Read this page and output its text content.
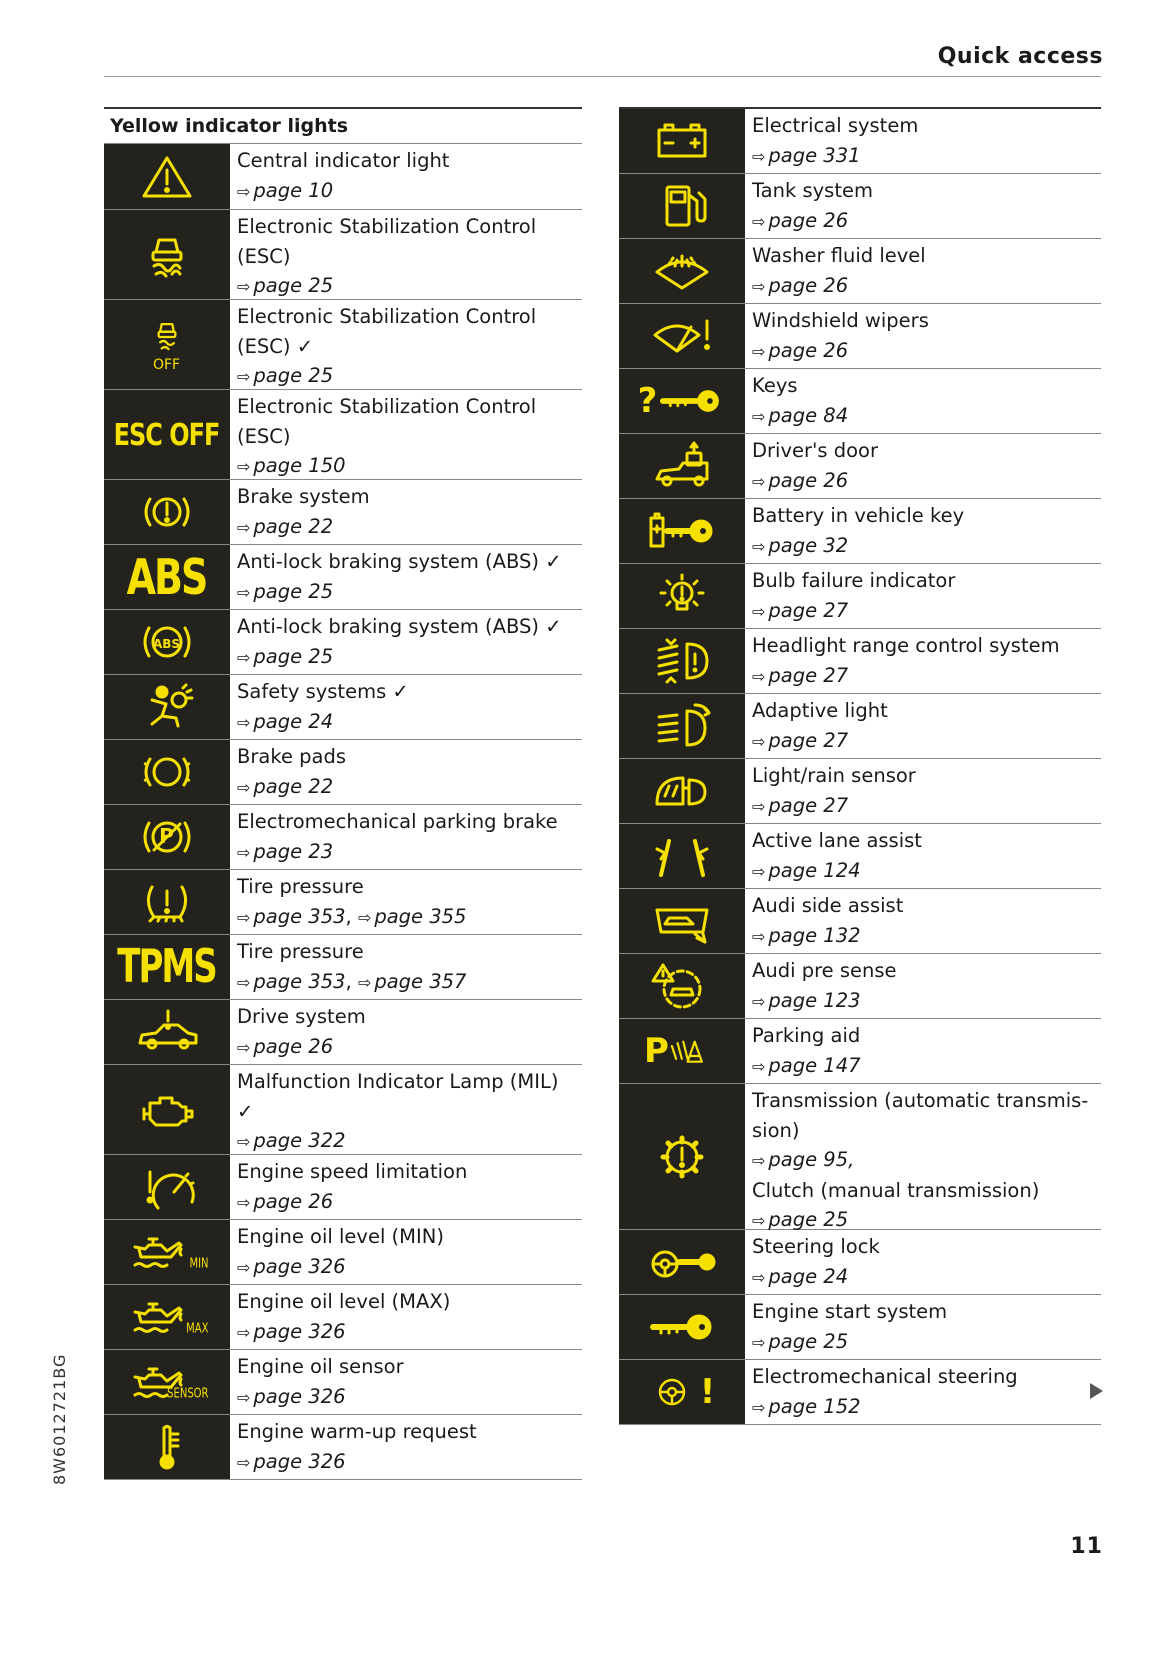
Quick access
Yellow indicator lights
Central indicator light
⇨ page 10
Electronic Stabilization Control
(ESC)
⇨ page 25
OFF
Electronic Stabilization Control
(ESC) ✓
⇨ page 25
ESC OFF
Electronic Stabilization Control
(ESC)
⇨ page 150
Brake system
⇨ page 22
ABS Anti-lock braking system (ABS) ✓
⇨ page 25
ABS
Anti-lock braking system (ABS) ✓
⇨ page 25
Safety systems ✓
⇨ page 24
Brake pads
⇨ page 22
P
Electromechanical parking brake
⇨ page 23
Tire pressure
⇨ page 353, ⇨ page 355
TPMS Tire pressure
⇨ page 353, ⇨ page 357
Drive system
⇨ page 26
Malfunction Indicator Lamp (MIL)
✓
⇨ page 322
Engine speed limitation
⇨ page 26
MIN
Engine oil level (MIN)
⇨ page 326
MAX
Engine oil level (MAX)
⇨ page 326
SENSOR
Engine oil sensor
⇨ page 326
Engine warm-up request
⇨ page 326
Electrical system
⇨ page 331
Tank system
⇨ page 26
Washer fluid level
⇨ page 26
Windshield wipers
⇨ page 26
?	Keys
⇨ page 84
Driver's door
⇨ page 26
Battery in vehicle key
⇨ page 32
Bulb failure indicator
⇨ page 27
Headlight range control system
⇨ page 27
Adaptive light
⇨ page 27
Light/rain sensor
⇨ page 27
Active lane assist
⇨ page 124
Audi side assist
⇨ page 132
Audi pre sense
⇨ page 123
P	Parking aid
⇨ page 147
Transmission (automatic transmis-
sion)
⇨ page 95,
Clutch (manual transmission)
⇨ page 25
Steering lock
⇨ page 24
Engine start system
⇨ page 25
! Electromechanical steering
⇨ page 152
8W6012721BG
11
